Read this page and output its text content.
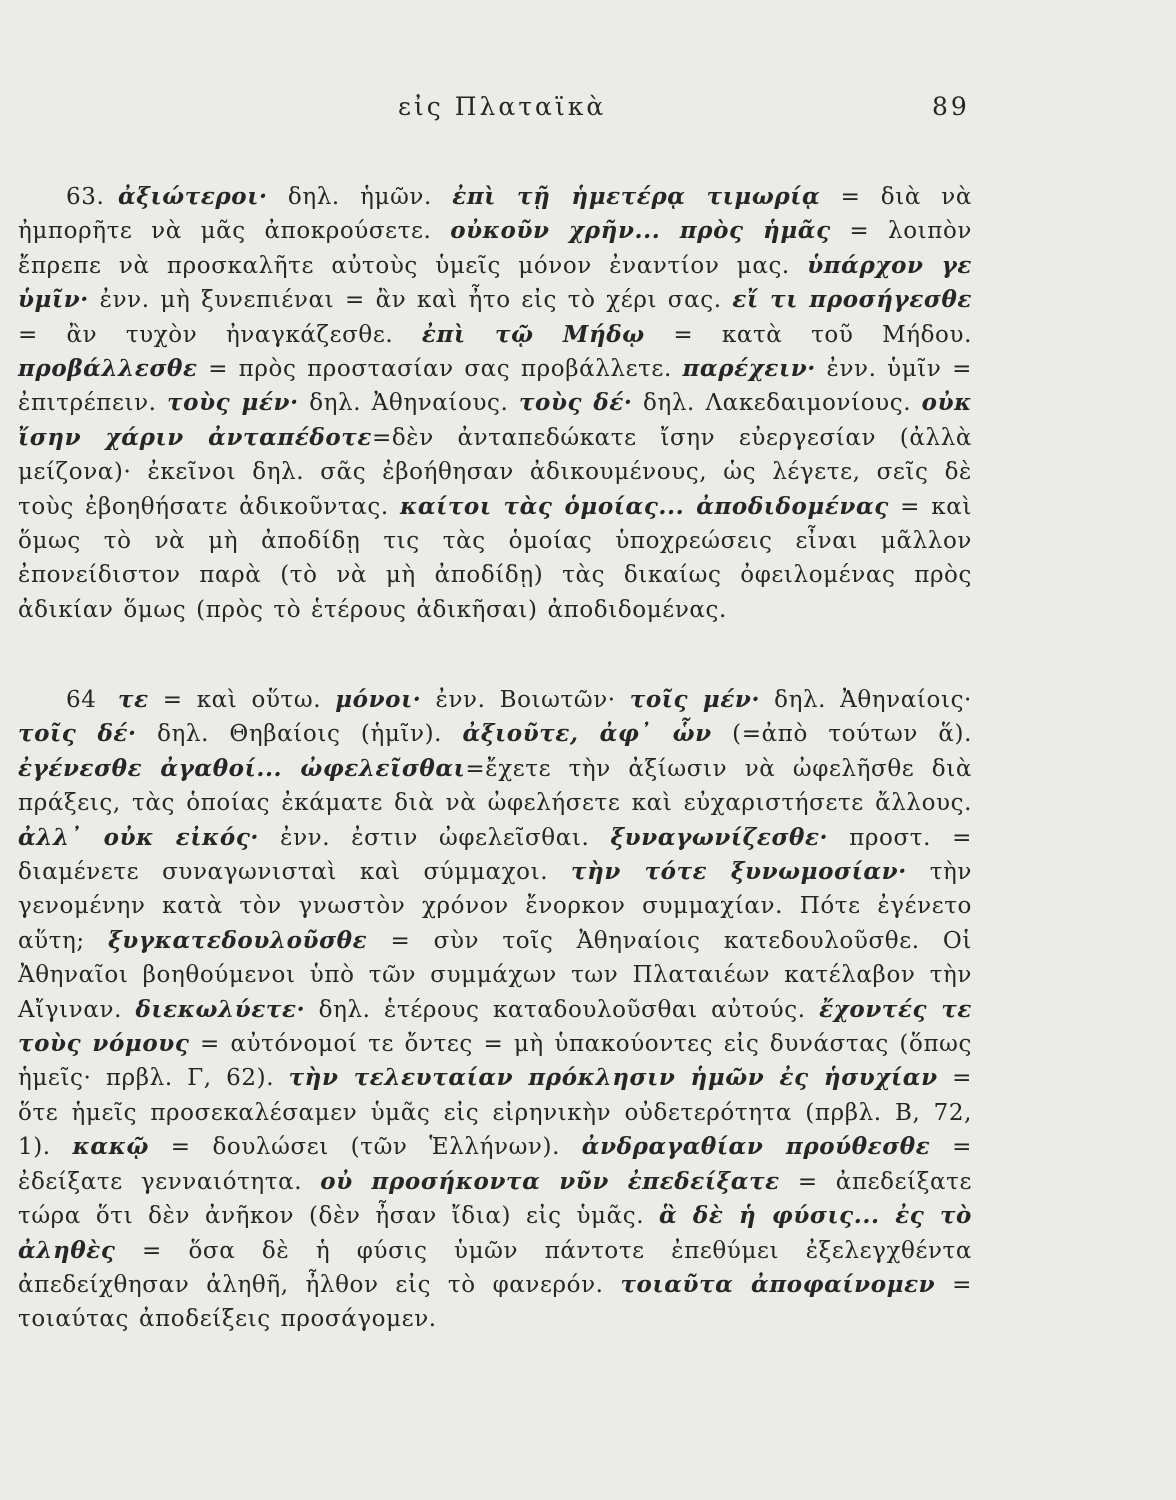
εἰς Πλαταϊκὰ	89

63. ἀξιώτεροι· δηλ. ἡμῶν. ἐπὶ τῇ ἡμετέρᾳ τιμωρίᾳ = διὰ νὰ ἠμπορῆτε νὰ μᾶς ἀποκρούσετε. οὐκοῦν χρῆν... πρὸς ἡμᾶς = λοιπὸν ἔπρεπε νὰ προσκαλῆτε αὐτοὺς ὑμεῖς μόνον ἐναντίον μας. ὑπάρχον γε ὑμῖν· ἐνν. μὴ ξυνεπιέναι = ἂν καὶ ἦτο εἰς τὸ χέρι σας. εἴ τι προσήγεσθε = ἂν τυχὸν ἠναγκάζεσθε. ἐπὶ τῷ Μήδῳ = κατὰ τοῦ Μήδου. προβάλλεσθε = πρὸς προστασίαν σας προβάλλετε. παρέχειν· ἐνν. ὑμῖν = ἐπιτρέπειν. τοὺς μέν· δηλ. Ἀθηναίους. τοὺς δέ· δηλ. Λακεδαιμονίους. οὐκ ἴσην χάριν ἀνταπέδοτε=δὲν ἀνταπεδώκατε ἴσην εὐεργεσίαν (ἀλλὰ μείζονα)· ἐκεῖνοι δηλ. σᾶς ἐβοήθησαν ἀδικουμένους, ὡς λέγετε, σεῖς δὲ τοὺς ἐβοηθήσατε ἀδικοῦντας. καίτοι τὰς ὁμοίας... ἀποδιδομένας = καὶ ὅμως τὸ νὰ μὴ ἀποδίδῃ τις τὰς ὁμοίας ὑποχρεώσεις εἶναι μᾶλλον ἐπονείδιστον παρὰ (τὸ νὰ μὴ ἀποδίδῃ) τὰς δικαίως ὀφειλομένας πρὸς ἀδικίαν ὅμως (πρὸς τὸ ἑτέρους ἀδικῆσαι) ἀποδιδομένας.

64 τε = καὶ οὕτω. μόνοι· ἐνν. Βοιωτῶν· τοῖς μέν· δηλ. Ἀθηναίοις· τοῖς δέ· δηλ. Θηβαίοις (ἡμῖν). ἀξιοῦτε, ἀφ᾽ ὧν (=ἀπὸ τούτων ἅ). ἐγένεσθε ἀγαθοί... ὠφελεῖσθαι=ἔχετε τὴν ἀξίωσιν νὰ ὠφελῆσθε διὰ πράξεις, τὰς ὁποίας ἐκάματε διὰ νὰ ὠφελήσετε καὶ εὐχαριστήσετε ἄλλους. ἀλλ᾽ οὐκ εἰκός· ἐνν. ἐστιν ὠφελεῖσθαι. ξυναγωνίζεσθε· προστ. = διαμένετε συναγωνισταὶ καὶ σύμμαχοι. τὴν τότε ξυνωμοσίαν· τὴν γενομένην κατὰ τὸν γνωστὸν χρόνον ἔνορκον συμμαχίαν. Πότε ἐγένετο αὕτη; ξυγκατεδουλοῦσθε = σὺν τοῖς Ἀθηναίοις κατεδουλοῦσθε. Οἱ Ἀθηναῖοι βοηθούμενοι ὑπὸ τῶν συμμάχων των Πλαταιέων κατέλαβον τὴν Αἴγιναν. διεκωλύετε· δηλ. ἑτέρους καταδουλοῦσθαι αὐτούς. ἔχοντές τε τοὺς νόμους = αὐτόνομοί τε ὄντες = μὴ ὑπακούοντες εἰς δυνάστας (ὅπως ἡμεῖς· πρβλ. Γ, 62). τὴν τελευταίαν πρόκλησιν ἡμῶν ἐς ἡσυχίαν = ὅτε ἡμεῖς προσεκαλέσαμεν ὑμᾶς εἰς εἰρηνικὴν οὐδετερότητα (πρβλ. Β, 72, 1). κακῷ = δουλώσει (τῶν Ἑλλήνων). ἀνδραγαθίαν προύθεσθε = ἐδείξατε γενναιότητα. οὐ προσήκοντα νῦν ἐπεδείξατε = ἀπεδείξατε τώρα ὅτι δὲν ἀνῆκον (δὲν ἦσαν ἴδια) εἰς ὑμᾶς. ἃ δὲ ἡ φύσις... ἐς τὸ ἀληθὲς = ὅσα δὲ ἡ φύσις ὑμῶν πάντοτε ἐπεθύμει ἐξελεγχθέντα ἀπεδείχθησαν ἀληθῆ, ἦλθον εἰς τὸ φανερόν. τοιαῦτα ἀποφαίνομεν = τοιαύτας ἀποδείξεις προσάγομεν.
